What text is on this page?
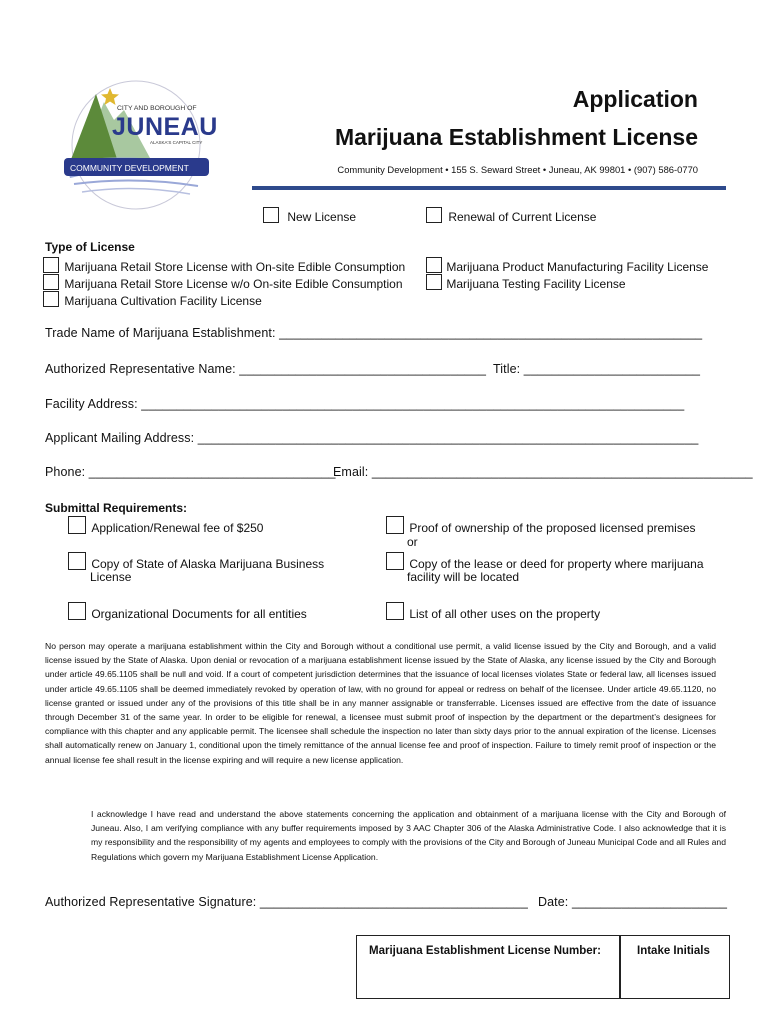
CITY AND BOROUGH OF
JUNEAU
ALASKA'S CAPITAL CITY
COMMUNITY DEVELOPMENT
Application
Marijuana Establishment License
Community Development • 155 S. Seward Street • Juneau, AK 99801 • (907) 586-0770
New License	Renewal of Current License
Type of License
Marijuana Retail Store License with On-site Edible Consumption
Marijuana Retail Store License w/o On-site Edible Consumption
Marijuana Cultivation Facility License
Marijuana Product Manufacturing Facility License
Marijuana Testing Facility License
Trade Name of Marijuana Establishment: ____________________________________________________________
Authorized Representative Name: ___________________________________ Title: _________________________
Facility Address: _____________________________________________________________________________
Applicant Mailing Address: _______________________________________________________________________
Phone: ___________________________________
Email: ______________________________________________________
Submittal Requirements:
Application/Renewal fee of $250
Copy of State of Alaska Marijuana Business
License
Organizational Documents for all entities
Proof of ownership of the proposed licensed premises
or
Copy of the lease or deed for property where marijuana
facility will be located
List of all other uses on the property
No person may operate a marijuana establishment within the City and Borough without a conditional use permit, a valid license issued by the City and Borough, and a valid license issued by the State of Alaska. Upon denial or revocation of a marijuana establishment license issued by the State of Alaska, any license issued by the City and Borough under article 49.65.1105 shall be null and void. If a court of competent jurisdiction determines that the issuance of local licenses violates State or federal law, all licenses issued under article 49.65.1105 shall be deemed immediately revoked by operation of law, with no ground for appeal or redress on behalf of the licensee. Under article 49.65.1120, no license granted or issued under any of the provisions of this title shall be in any manner assignable or transferrable. Licenses issued are effective from the date of issuance through December 31 of the same year. In order to be eligible for renewal, a licensee must submit proof of inspection by the department or the department’s designees for compliance with this chapter and any applicable permit. The licensee shall schedule the inspection no later than sixty days prior to the annual expiration of the license. Licenses shall automatically renew on January 1, conditional upon the timely remittance of the annual license fee and proof of inspection. Failure to timely remit proof of inspection or the annual license fee shall result in the license expiring and will require a new license application.
I acknowledge I have read and understand the above statements concerning the application and obtainment of a marijuana license with the City and Borough of Juneau. Also, I am verifying compliance with any buffer requirements imposed by 3 AAC Chapter 306 of the Alaska Administrative Code. I also acknowledge that it is my responsibility and the responsibility of my agents and employees to comply with the provisions of the City and Borough of Juneau Municipal Code and all Rules and Regulations which govern my Marijuana Establishment License Application.
Authorized Representative Signature: ______________________________________ Date: ______________________
Marijuana Establishment License Number:	Intake Initials
